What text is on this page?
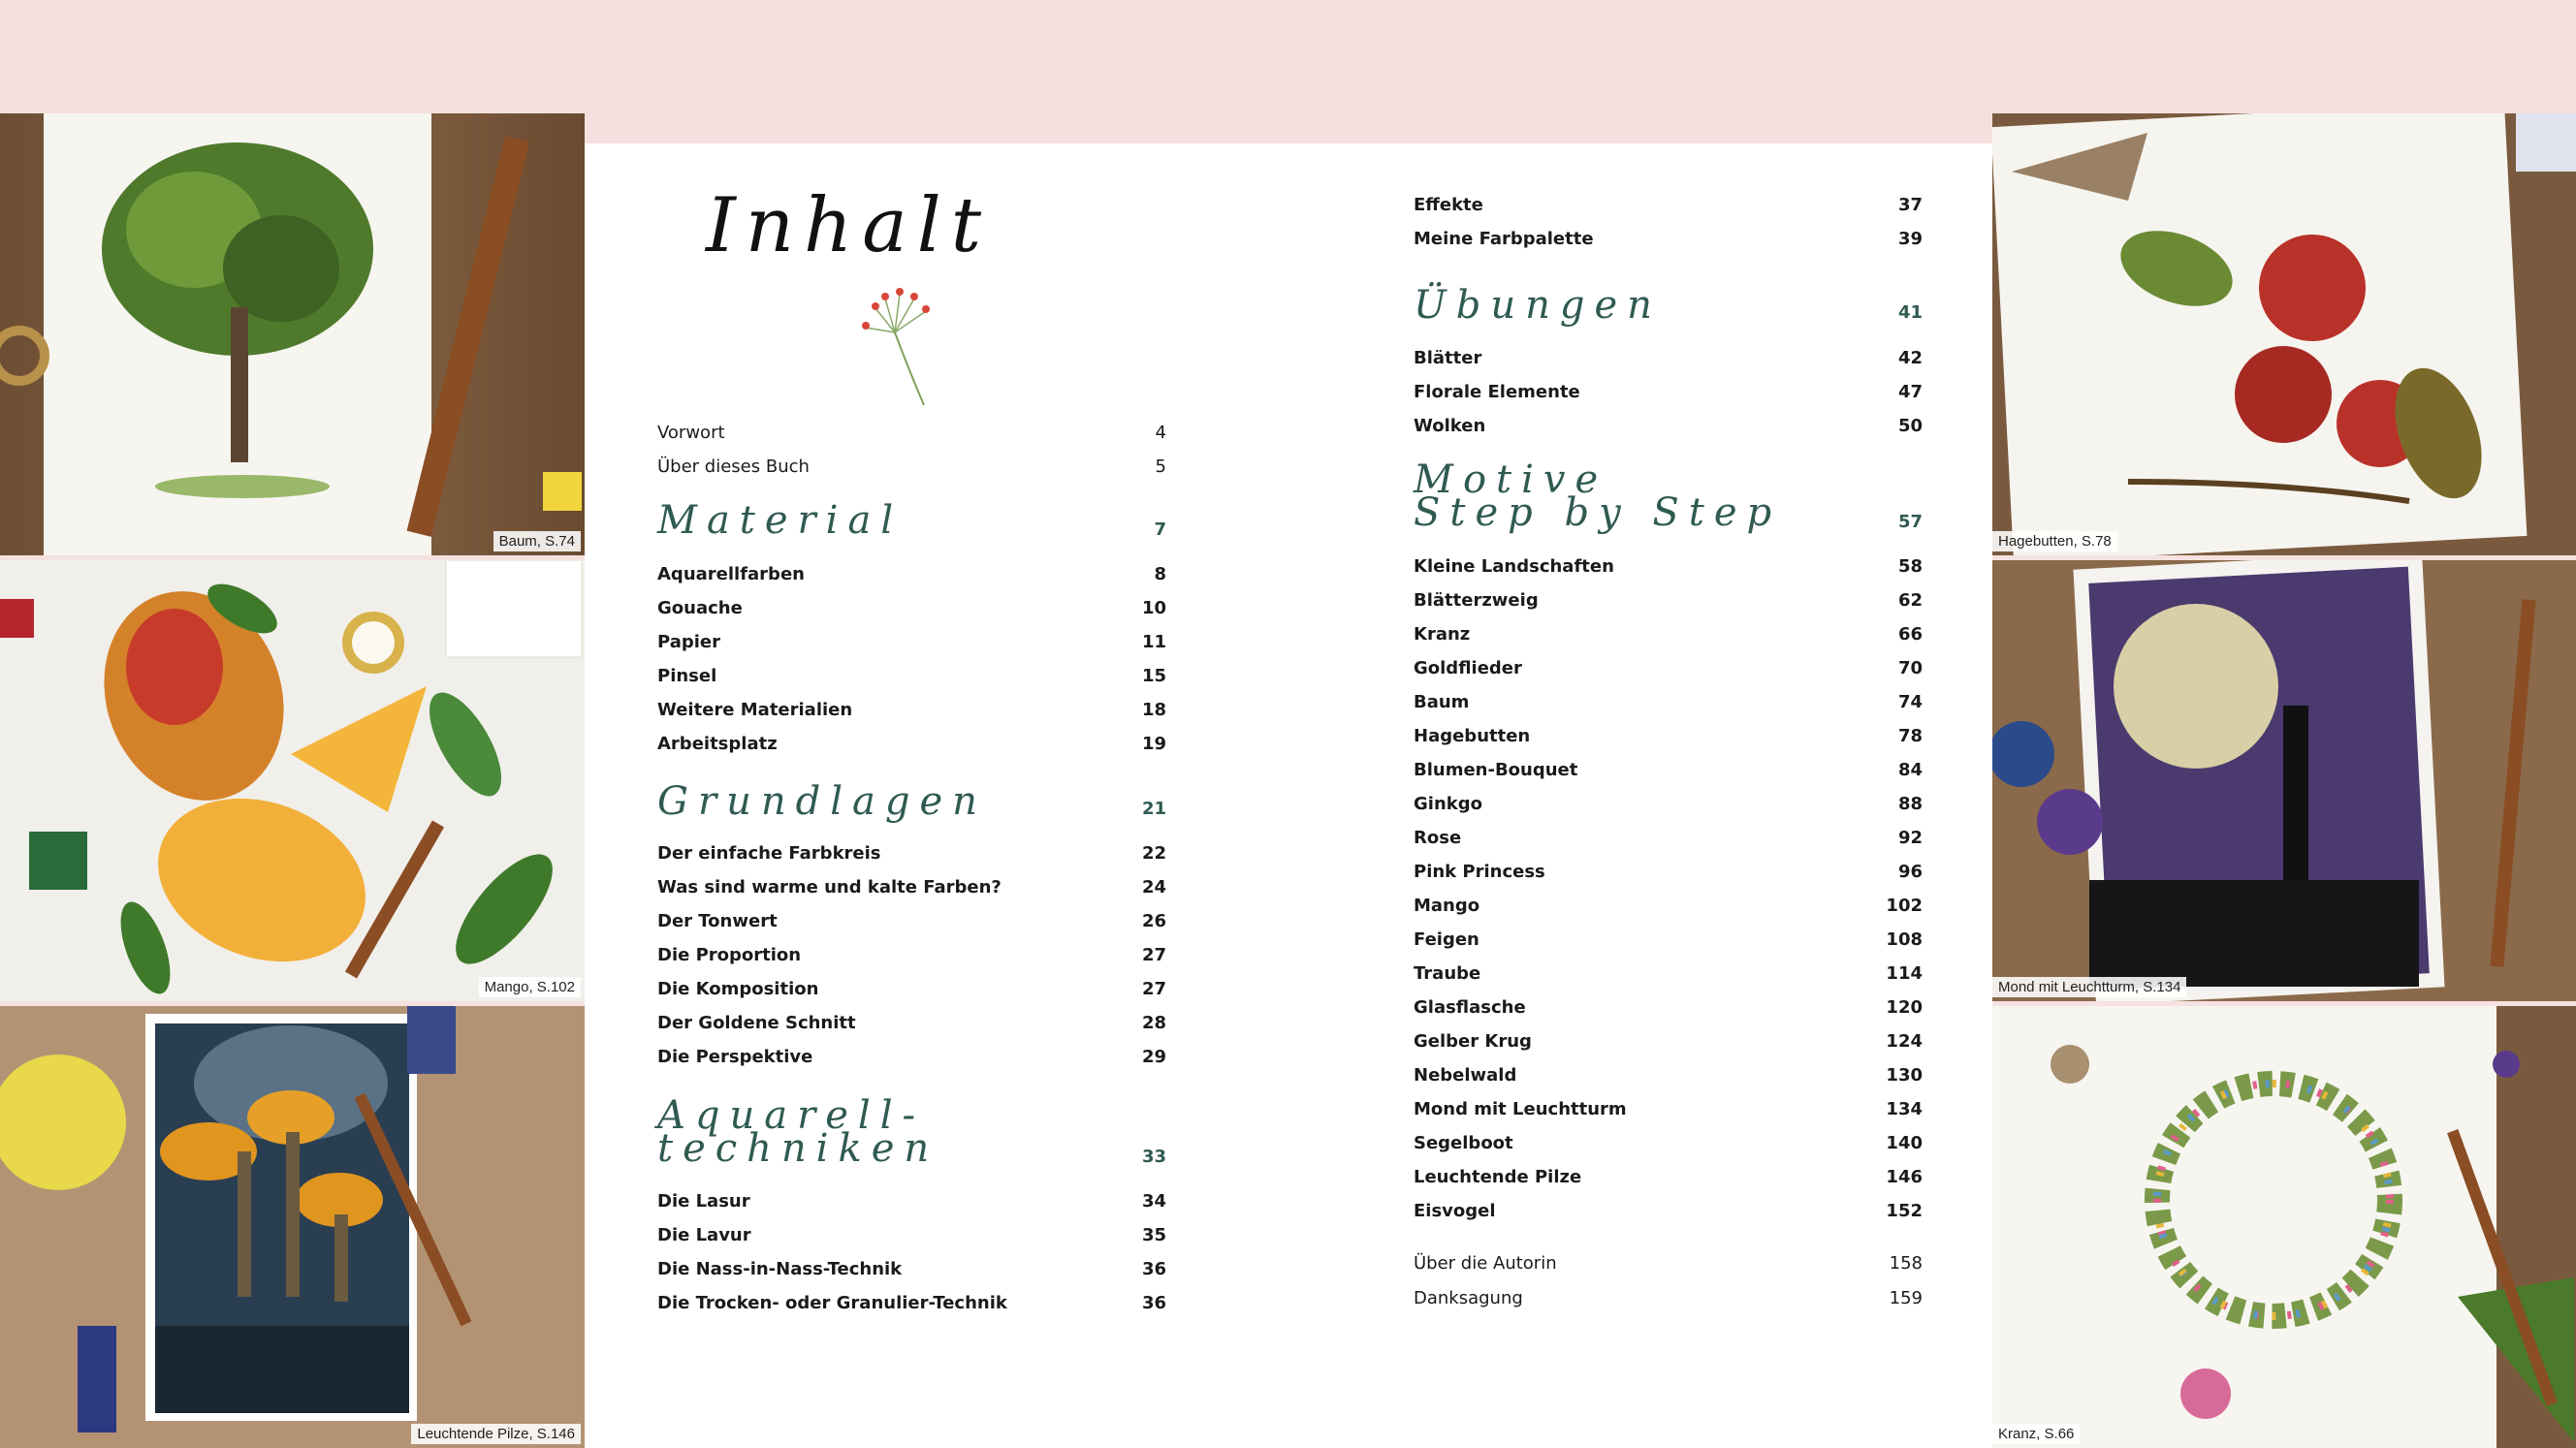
Baum, S.74
Mango, S.102
Leuchtende Pilze, S.146
Hagebutten, S.78
Mond mit Leuchtturm, S.134
Kranz, S.66
Inhalt
Vorwort	4
Über dieses Buch	5
Material	7
Aquarellfarben	8
Gouache	10
Papier	11
Pinsel	15
Weitere Materialien	18
Arbeitsplatz	19
Grundlagen	21
Der einfache Farbkreis	22
Was sind warme und kalte Farben?	24
Der Tonwert	26
Die Proportion	27
Die Komposition	27
Der Goldene Schnitt	28
Die Perspektive	29
Aquarell-
techniken	33
Die Lasur	34
Die Lavur	35
Die Nass-in-Nass-Technik	36
Die Trocken- oder Granulier-Technik	36
Effekte	37
Meine Farbpalette	39
Übungen	41
Blätter	42
Florale Elemente	47
Wolken	50
Motive
Step by Step	57
Kleine Landschaften	58
Blätterzweig	62
Kranz	66
Goldflieder	70
Baum	74
Hagebutten	78
Blumen-Bouquet	84
Ginkgo	88
Rose	92
Pink Princess	96
Mango	102
Feigen	108
Traube	114
Glasflasche	120
Gelber Krug	124
Nebelwald	130
Mond mit Leuchtturm	134
Segelboot	140
Leuchtende Pilze	146
Eisvogel	152
Über die Autorin	158
Danksagung	159
